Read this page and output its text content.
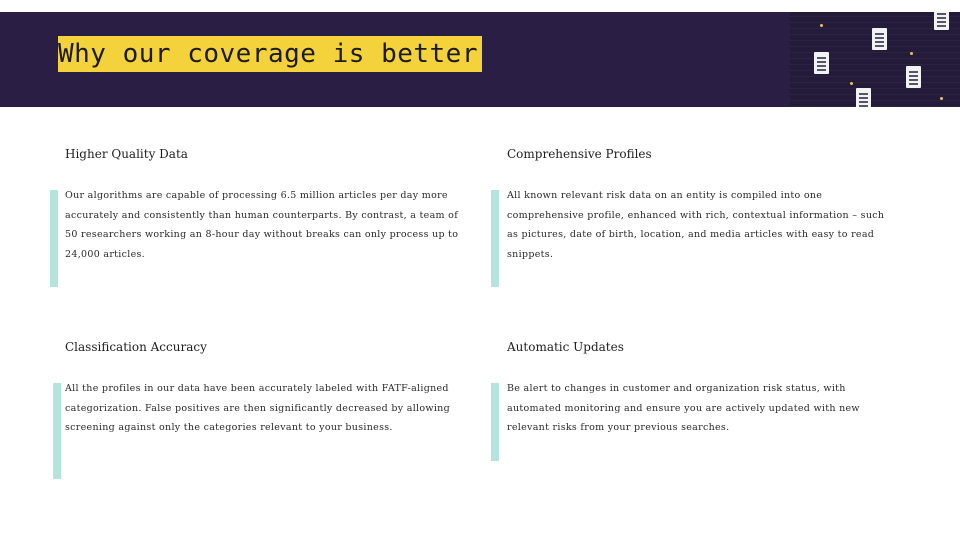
Why our coverage is better
Higher Quality Data
Our algorithms are capable of processing 6.5 million articles per day more accurately and consistently than human counterparts. By contrast, a team of 50 researchers working an 8-hour day without breaks can only process up to 24,000 articles.
Comprehensive Profiles
All known relevant risk data on an entity is compiled into one comprehensive profile, enhanced with rich, contextual information – such as pictures, date of birth, location, and media articles with easy to read snippets.
Classification Accuracy
All the profiles in our data have been accurately labeled with FATF-aligned categorization. False positives are then significantly decreased by allowing screening against only the categories relevant to your business.
Automatic Updates
Be alert to changes in customer and organization risk status, with automated monitoring and ensure you are actively updated with new relevant risks from your previous searches.
